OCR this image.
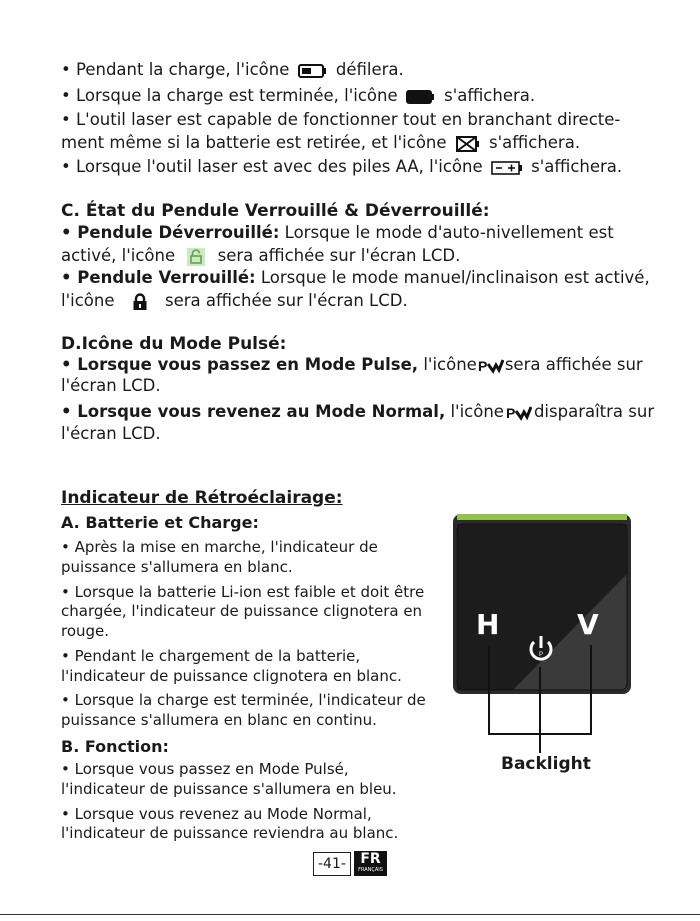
• Pendant la charge, l'icône	défilera.
• Lorsque la charge est terminée, l'icône	s'affichera.
• L'outil laser est capable de fonctionner tout en branchant directe-
ment même si la batterie est retirée, et l'icône	s'affichera.
• Lorsque l'outil laser est avec des piles AA, l'icône	s'affichera.
C. État du Pendule Verrouillé & Déverrouillé:
• Pendule Déverrouillé: Lorsque le mode d'auto-nivellement est
activé, l'icône	sera affichée sur l'écran LCD.
• Pendule Verrouillé: Lorsque le mode manuel/inclinaison est activé,
l'icône	sera affichée sur l'écran LCD.
D.Icône du Mode Pulsé:
• Lorsque vous passez en Mode Pulse, l'icône P sera affichée sur
l'écran LCD.
• Lorsque vous revenez au Mode Normal, l'icône P disparaîtra sur
l'écran LCD.
Indicateur de Rétroéclairage:
A. Batterie et Charge:
• Après la mise en marche, l'indicateur de
puissance s'allumera en blanc.
• Lorsque la batterie Li-ion est faible et doit être
chargée, l'indicateur de puissance clignotera en
rouge.
• Pendant le chargement de la batterie,
l'indicateur de puissance clignotera en blanc.
• Lorsque la charge est terminée, l'indicateur de
puissance s'allumera en blanc en continu.
B. Fonction:
• Lorsque vous passez en Mode Pulsé,
l'indicateur de puissance s'allumera en bleu.
• Lorsque vous revenez au Mode Normal,
l'indicateur de puissance reviendra au blanc.
H	V
P
Backlight
-41-	FR
FRANÇAIS
